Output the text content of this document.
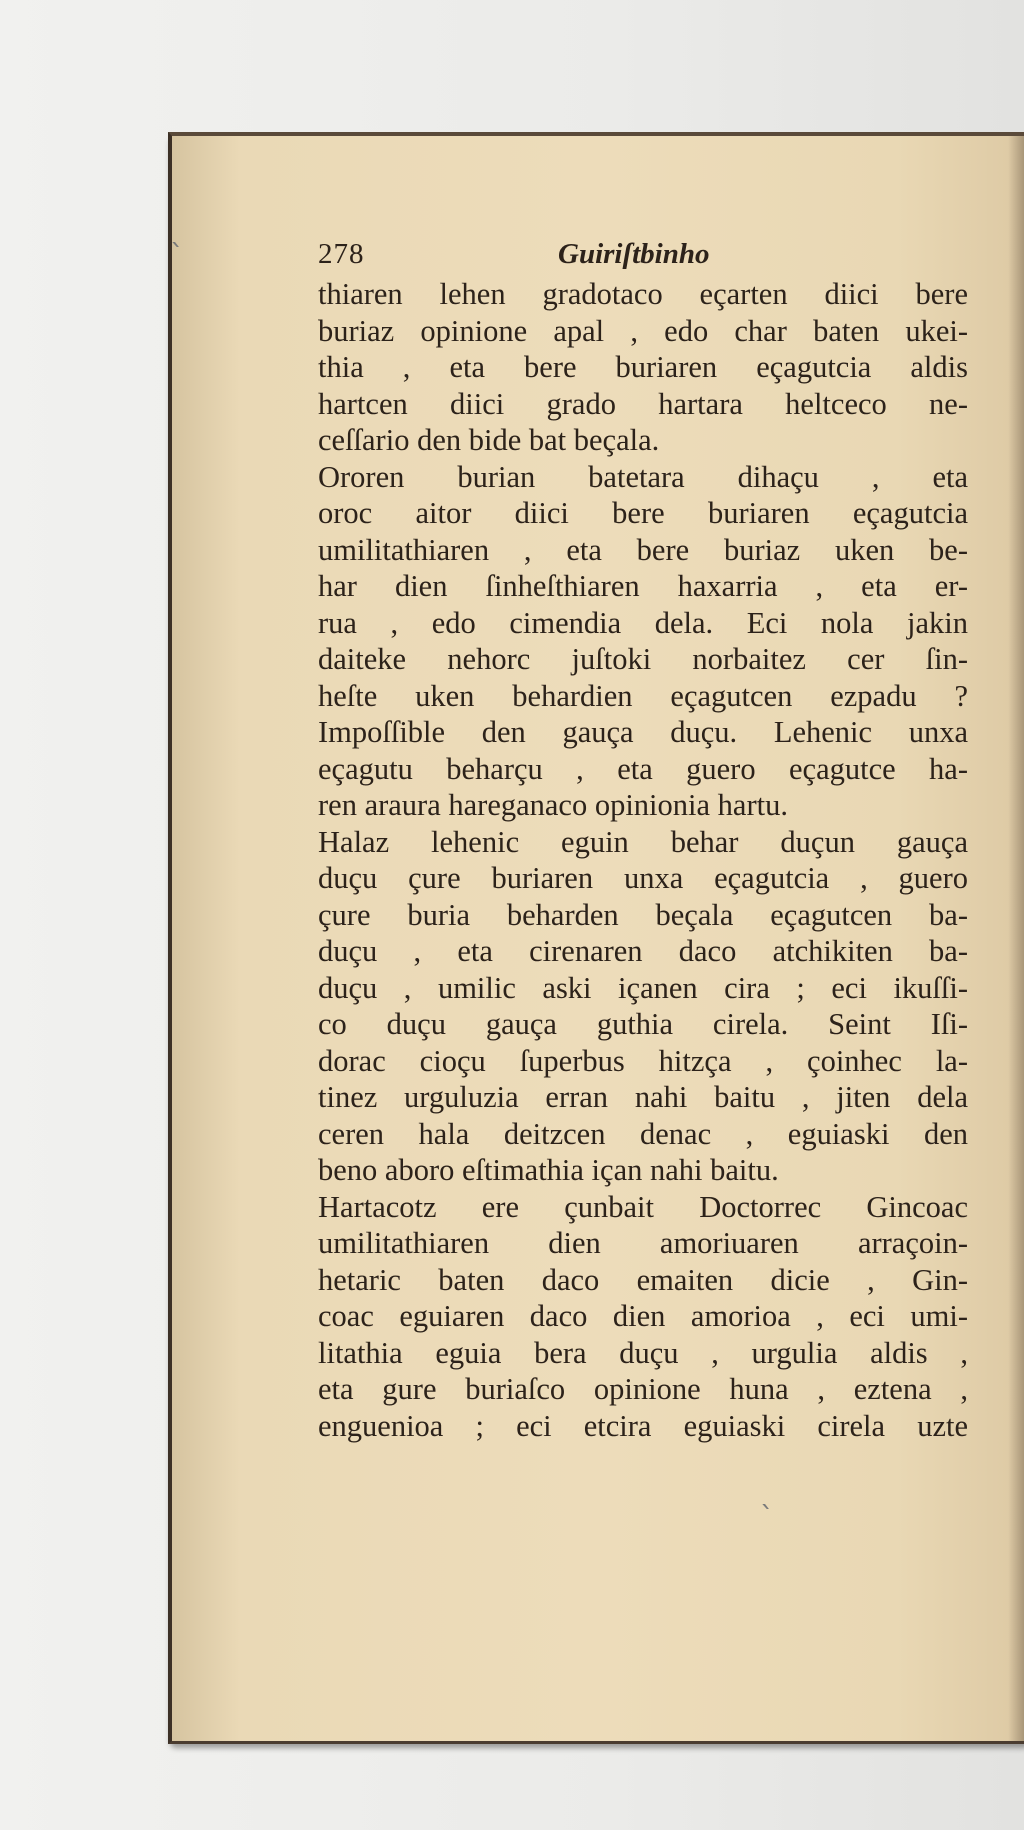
278	Guiriſtbinho
thiaren lehen gradotaco eçarten diici bere
buriaz opinione apal , edo char baten ukei-
thia , eta bere buriaren eçagutcia aldis
hartcen diici grado hartara heltceco ne-
ceſſario den bide bat beçala.
Ororen burian batetara dihaçu , eta
oroc aitor diici bere buriaren eçagutcia
umilitathiaren , eta bere buriaz uken be-
har dien ſinheſthiaren haxarria , eta er-
rua , edo cimendia dela. Eci nola jakin
daiteke nehorc juſtoki norbaitez cer ſin-
heſte uken behardien eçagutcen ezpadu ?
Impoſſible den gauça duçu. Lehenic unxa
eçagutu beharçu , eta guero eçagutce ha-
ren araura hareganaco opinionia hartu.
Halaz lehenic eguin behar duçun gauça
duçu çure buriaren unxa eçagutcia , guero
çure buria beharden beçala eçagutcen ba-
duçu , eta cirenaren daco atchikiten ba-
duçu , umilic aski içanen cira ; eci ikuſſi-
co duçu gauça guthia cirela. Seint Iſi-
dorac cioçu ſuperbus hitzça , çoinhec la-
tinez urguluzia erran nahi baitu , jiten dela
ceren hala deitzcen denac , eguiaski den
beno aboro eſtimathia içan nahi baitu.
Hartacotz ere çunbait Doctorrec Gincoac
umilitathiaren dien amoriuaren arraçoin-
hetaric baten daco emaiten dicie , Gin-
coac eguiaren daco dien amorioa , eci umi-
litathia eguia bera duçu , urgulia aldis ,
eta gure buriaſco opinione huna , eztena ,
enguenioa ; eci etcira eguiaski cirela uzte
ˋ
ˋ
